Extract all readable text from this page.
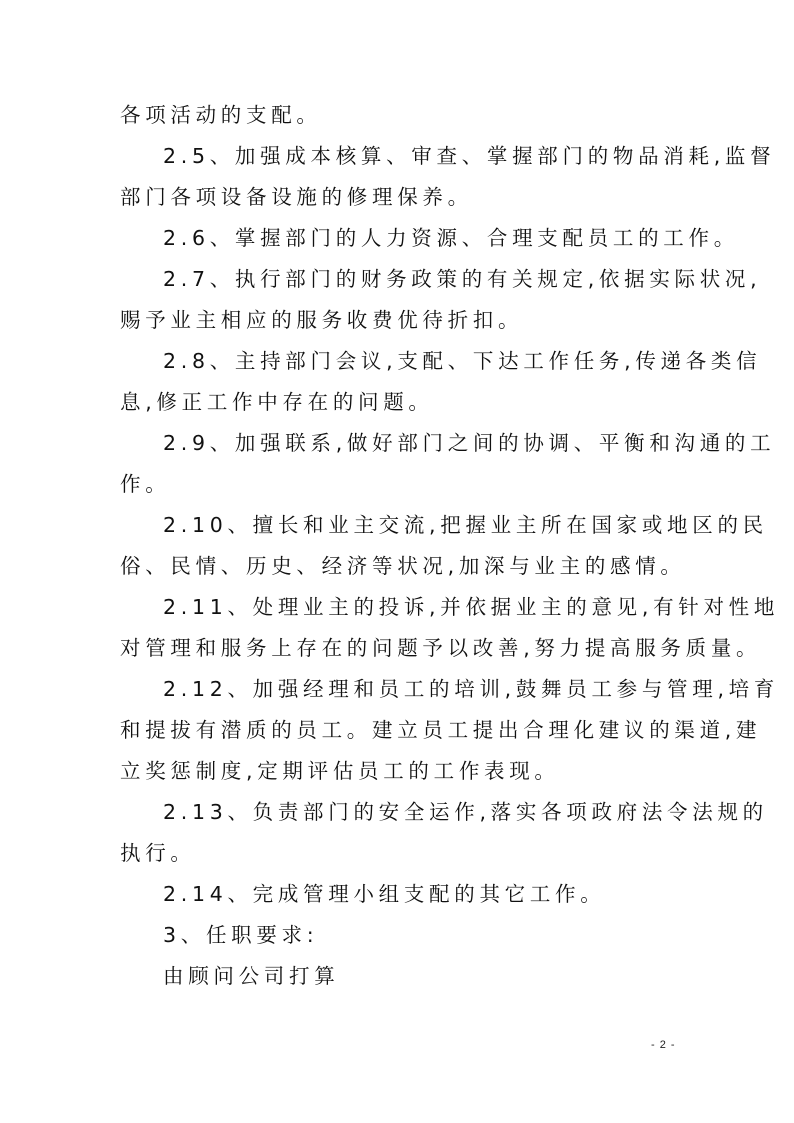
各项活动的支配。

2.5、加强成本核算、审查、掌握部门的物品消耗,监督

部门各项设备设施的修理保养。

2.6、掌握部门的人力资源、合理支配员工的工作。

2.7、执行部门的财务政策的有关规定,依据实际状况,

赐予业主相应的服务收费优待折扣。

2.8、主持部门会议,支配、下达工作任务,传递各类信

息,修正工作中存在的问题。

2.9、加强联系,做好部门之间的协调、平衡和沟通的工

作。

2.10、擅长和业主交流,把握业主所在国家或地区的民

俗、民情、历史、经济等状况,加深与业主的感情。

2.11、处理业主的投诉,并依据业主的意见,有针对性地

对管理和服务上存在的问题予以改善,努力提高服务质量。

2.12、加强经理和员工的培训,鼓舞员工参与管理,培育

和提拔有潜质的员工。建立员工提出合理化建议的渠道,建

立奖惩制度,定期评估员工的工作表现。

2.13、负责部门的安全运作,落实各项政府法令法规的

执行。

2.14、完成管理小组支配的其它工作。

3、任职要求:

由顾问公司打算

- 2 -
